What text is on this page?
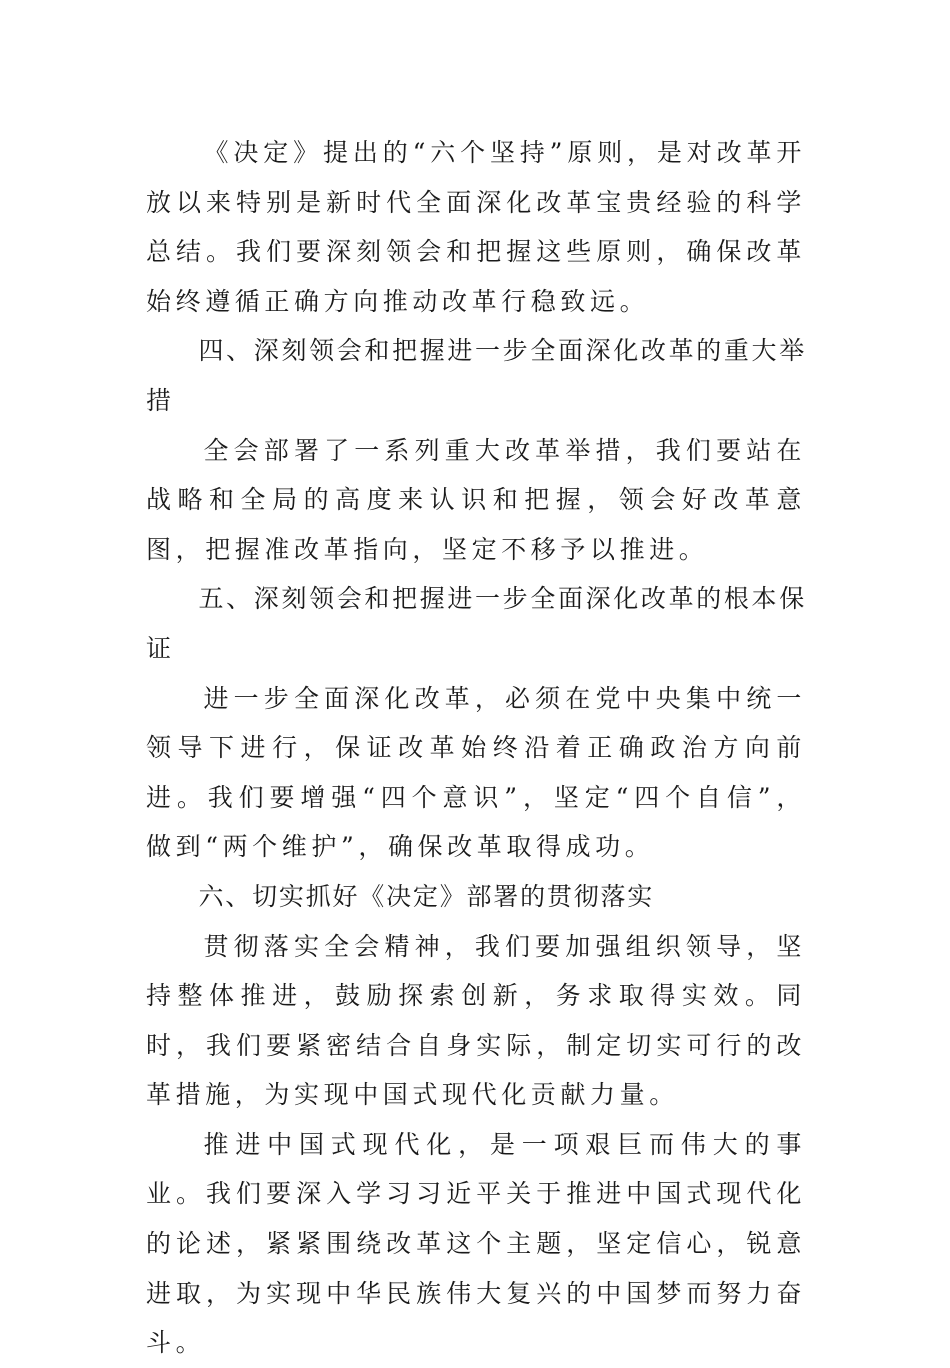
《决定》提出的“六个坚持”原则，是对改革开放以来特别是新时代全面深化改革宝贵经验的科学总结。我们要深刻领会和把握这些原则，确保改革始终遵循正确方向推动改革行稳致远。

四、深刻领会和把握进一步全面深化改革的重大举措

全会部署了一系列重大改革举措，我们要站在战略和全局的高度来认识和把握，领会好改革意图，把握准改革指向，坚定不移予以推进。

五、深刻领会和把握进一步全面深化改革的根本保证

进一步全面深化改革，必须在党中央集中统一领导下进行，保证改革始终沿着正确政治方向前进。我们要增强“四个意识”，坚定“四个自信”，做到“两个维护”，确保改革取得成功。

六、切实抓好《决定》部署的贯彻落实

贯彻落实全会精神，我们要加强组织领导，坚持整体推进，鼓励探索创新，务求取得实效。同时，我们要紧密结合自身实际，制定切实可行的改革措施，为实现中国式现代化贡献力量。

推进中国式现代化，是一项艰巨而伟大的事业。我们要深入学习习近平关于推进中国式现代化的论述，紧紧围绕改革这个主题，坚定信心，锐意进取，为实现中华民族伟大复兴的中国梦而努力奋斗。
